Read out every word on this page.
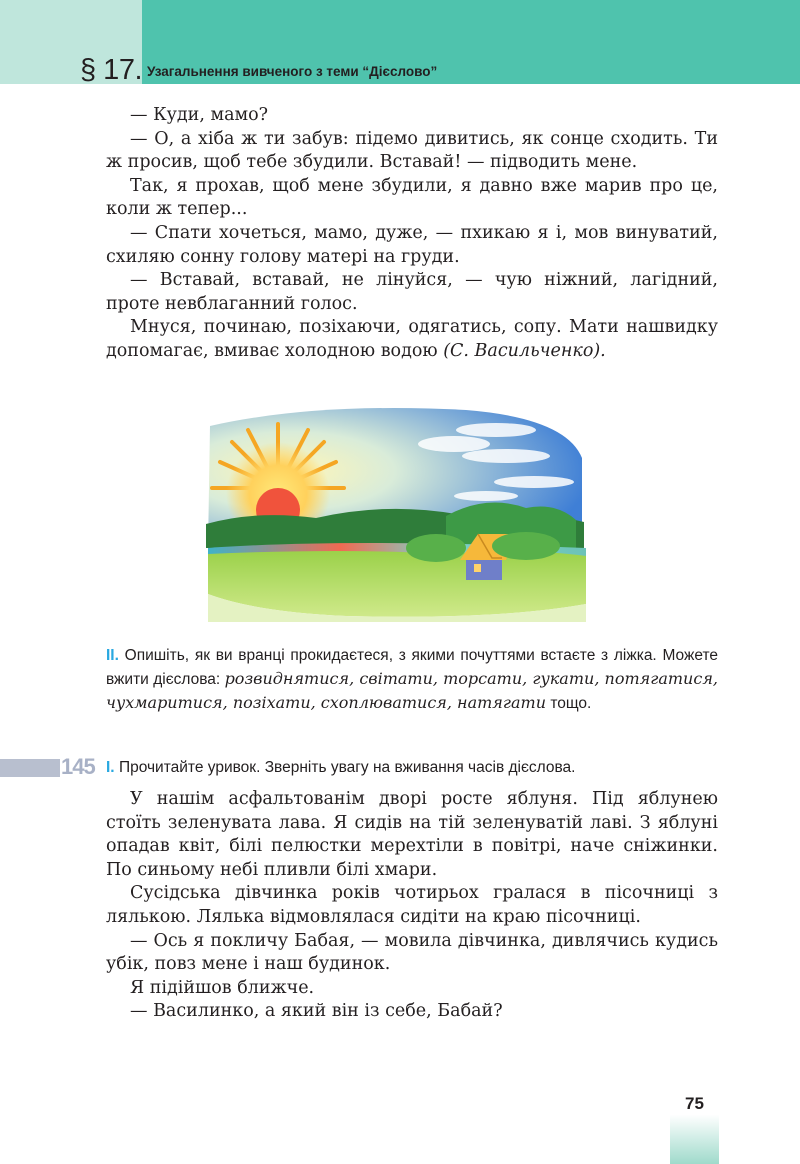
§ 17. Узагальнення вивченого з теми “Дієслово”

— Куди, мамо?

— О, а хіба ж ти забув: підемо дивитись, як сонце сходить. Ти ж просив, щоб тебе збудили. Вставай! — підводить мене.

Так, я прохав, щоб мене збудили, я давно вже марив про це, коли ж тепер...

— Спати хочеться, мамо, дуже, — пхикаю я і, мов винуватий, схиляю сонну голову матері на груди.

— Вставай, вставай, не лінуйся, — чую ніжний, лагідний, проте невблаганний голос.

Мнуся, починаю, позіхаючи, одягатись, сопу. Мати нашвидку допомагає, вмиває холодною водою (С. Васильченко).

II. Опишіть, як ви вранці прокидаєтеся, з якими почуттями встаєте з ліжка. Можете вжити дієслова: розвиднятися, світати, торсати, гукати, потягатися, чухмаритися, позіхати, схоплюватися, натягати тощо.

145 І. Прочитайте уривок. Зверніть увагу на вживання часів дієслова.

У нашім асфальтованім дворі росте яблуня. Під яблунею стоїть зеленувата лава. Я сидів на тій зеленуватій лаві. З яблуні опадав квіт, білі пелюстки мерехтіли в повітрі, наче сніжинки. По синьому небі пливли білі хмари.

Сусідська дівчинка років чотирьох гралася в пісочниці з лялькою. Лялька відмовлялася сидіти на краю пісочниці.

— Ось я покличу Бабая, — мовила дівчинка, дивлячись кудись убік, повз мене і наш будинок.

Я підійшов ближче.

— Василинко, а який він із себе, Бабай?

75
